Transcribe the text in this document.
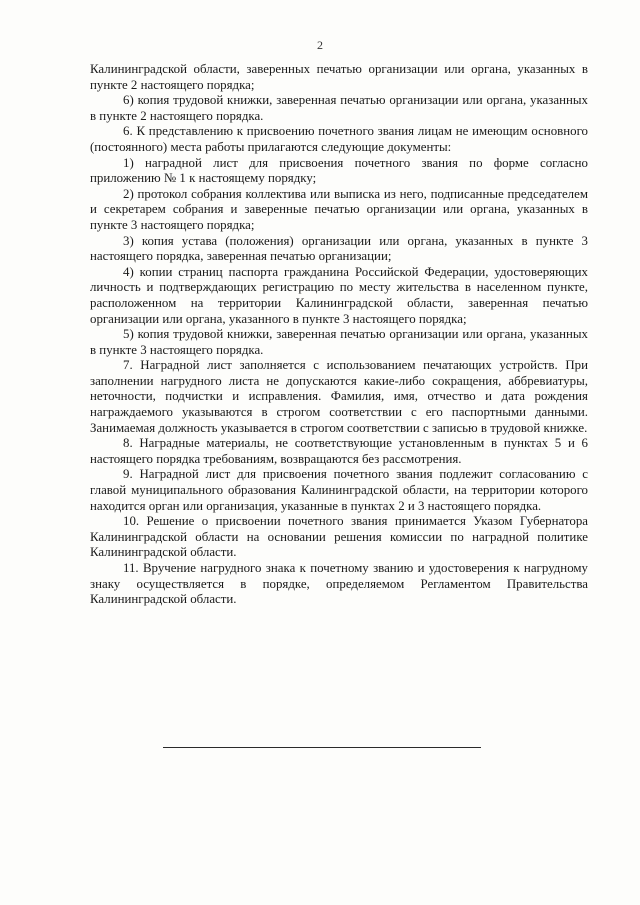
2

Калининградской области, заверенных печатью организации или органа, указанных в пункте 2 настоящего порядка;

6) копия трудовой книжки, заверенная печатью организации или органа, указанных в пункте 2 настоящего порядка.

6. К представлению к присвоению почетного звания лицам не имеющим основного (постоянного) места работы прилагаются следующие документы:

1) наградной лист для присвоения почетного звания по форме согласно приложению № 1 к настоящему порядку;

2) протокол собрания коллектива или выписка из него, подписанные председателем и секретарем собрания и заверенные печатью организации или органа, указанных в пункте 3 настоящего порядка;

3) копия устава (положения) организации или органа, указанных в пункте 3 настоящего порядка, заверенная печатью организации;

4) копии страниц паспорта гражданина Российской Федерации, удостоверяющих личность и подтверждающих регистрацию по месту жительства в населенном пункте, расположенном на территории Калининградской области, заверенная печатью организации или органа, указанного в пункте 3 настоящего порядка;

5) копия трудовой книжки, заверенная печатью организации или органа, указанных в пункте 3 настоящего порядка.

7. Наградной лист заполняется с использованием печатающих устройств. При заполнении нагрудного листа не допускаются какие-либо сокращения, аббревиатуры, неточности, подчистки и исправления. Фамилия, имя, отчество и дата рождения награждаемого указываются в строгом соответствии с его паспортными данными. Занимаемая должность указывается в строгом соответствии с записью в трудовой книжке.

8. Наградные материалы, не соответствующие установленным в пунктах 5 и 6 настоящего порядка требованиям, возвращаются без рассмотрения.

9. Наградной лист для присвоения почетного звания подлежит согласованию с главой муниципального образования Калининградской области, на территории которого находится орган или организация, указанные в пунктах 2 и 3 настоящего порядка.

10. Решение о присвоении почетного звания принимается Указом Губернатора Калининградской области на основании решения комиссии по наградной политике Калининградской области.

11. Вручение нагрудного знака к почетному званию и удостоверения к нагрудному знаку осуществляется в порядке, определяемом Регламентом Правительства Калининградской области.
